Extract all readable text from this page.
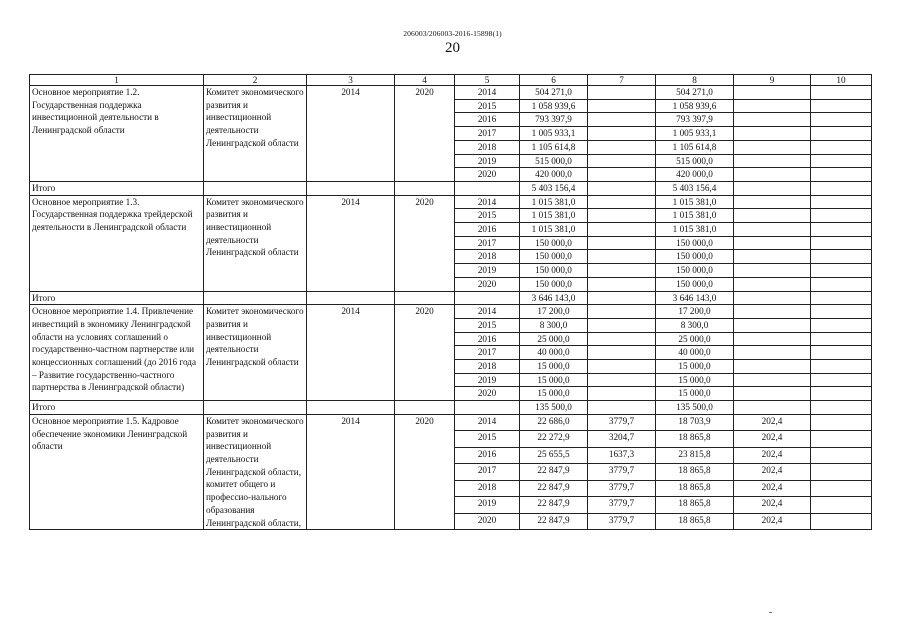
206003/206003-2016-15898(1)
20
1	2	3	4	5	6	7	8	9	10
Основное мероприятие 1.2. Государственная поддержка инвестиционной деятельности в Ленинградской области	Комитет экономического развития и инвестиционной деятельности Ленинградской области	2014	2020	2014	504 271,0		504 271,0		
				2015	1 058 939,6		1 058 939,6		
				2016	793 397,9		793 397,9		
				2017	1 005 933,1		1 005 933,1		
				2018	1 105 614,8		1 105 614,8		
				2019	515 000,0		515 000,0		
				2020	420 000,0		420 000,0		
Итого					5 403 156,4		5 403 156,4		
Основное мероприятие 1.3. Государственная поддержка трейдерской деятельности в Ленинградской области	Комитет экономического развития и инвестиционной деятельности Ленинградской области	2014	2020	2014	1 015 381,0		1 015 381,0		
				2015	1 015 381,0		1 015 381,0		
				2016	1 015 381,0		1 015 381,0		
				2017	150 000,0		150 000,0		
				2018	150 000,0		150 000,0		
				2019	150 000,0		150 000,0		
				2020	150 000,0		150 000,0		
Итого					3 646 143,0		3 646 143,0		
Основное мероприятие 1.4. Привлечение инвестиций в экономику Ленинградской области на условиях соглашений о государственно-частном партнерстве или концессионных соглашений (до 2016 года – Развитие государственно-частного партнерства в Ленинградской области)	Комитет экономического развития и инвестиционной деятельности Ленинградской области	2014	2020	2014	17 200,0		17 200,0		
				2015	8 300,0		8 300,0		
				2016	25 000,0		25 000,0		
				2017	40 000,0		40 000,0		
				2018	15 000,0		15 000,0		
				2019	15 000,0		15 000,0		
				2020	15 000,0		15 000,0		
Итого					135 500,0		135 500,0		
Основное мероприятие 1.5. Кадровое обеспечение экономики Ленинградской области	Комитет экономического развития и инвестиционной деятельности Ленинградской области, комитет общего и профессио-нального образования Ленинградской области,	2014	2020	2014	22 686,0	3779,7	18 703,9	202,4	
				2015	22 272,9	3204,7	18 865,8	202,4	
				2016	25 655,5	1637,3	23 815,8	202,4	
				2017	22 847,9	3779,7	18 865,8	202,4	
				2018	22 847,9	3779,7	18 865,8	202,4	
				2019	22 847,9	3779,7	18 865,8	202,4	
				2020	22 847,9	3779,7	18 865,8	202,4	
